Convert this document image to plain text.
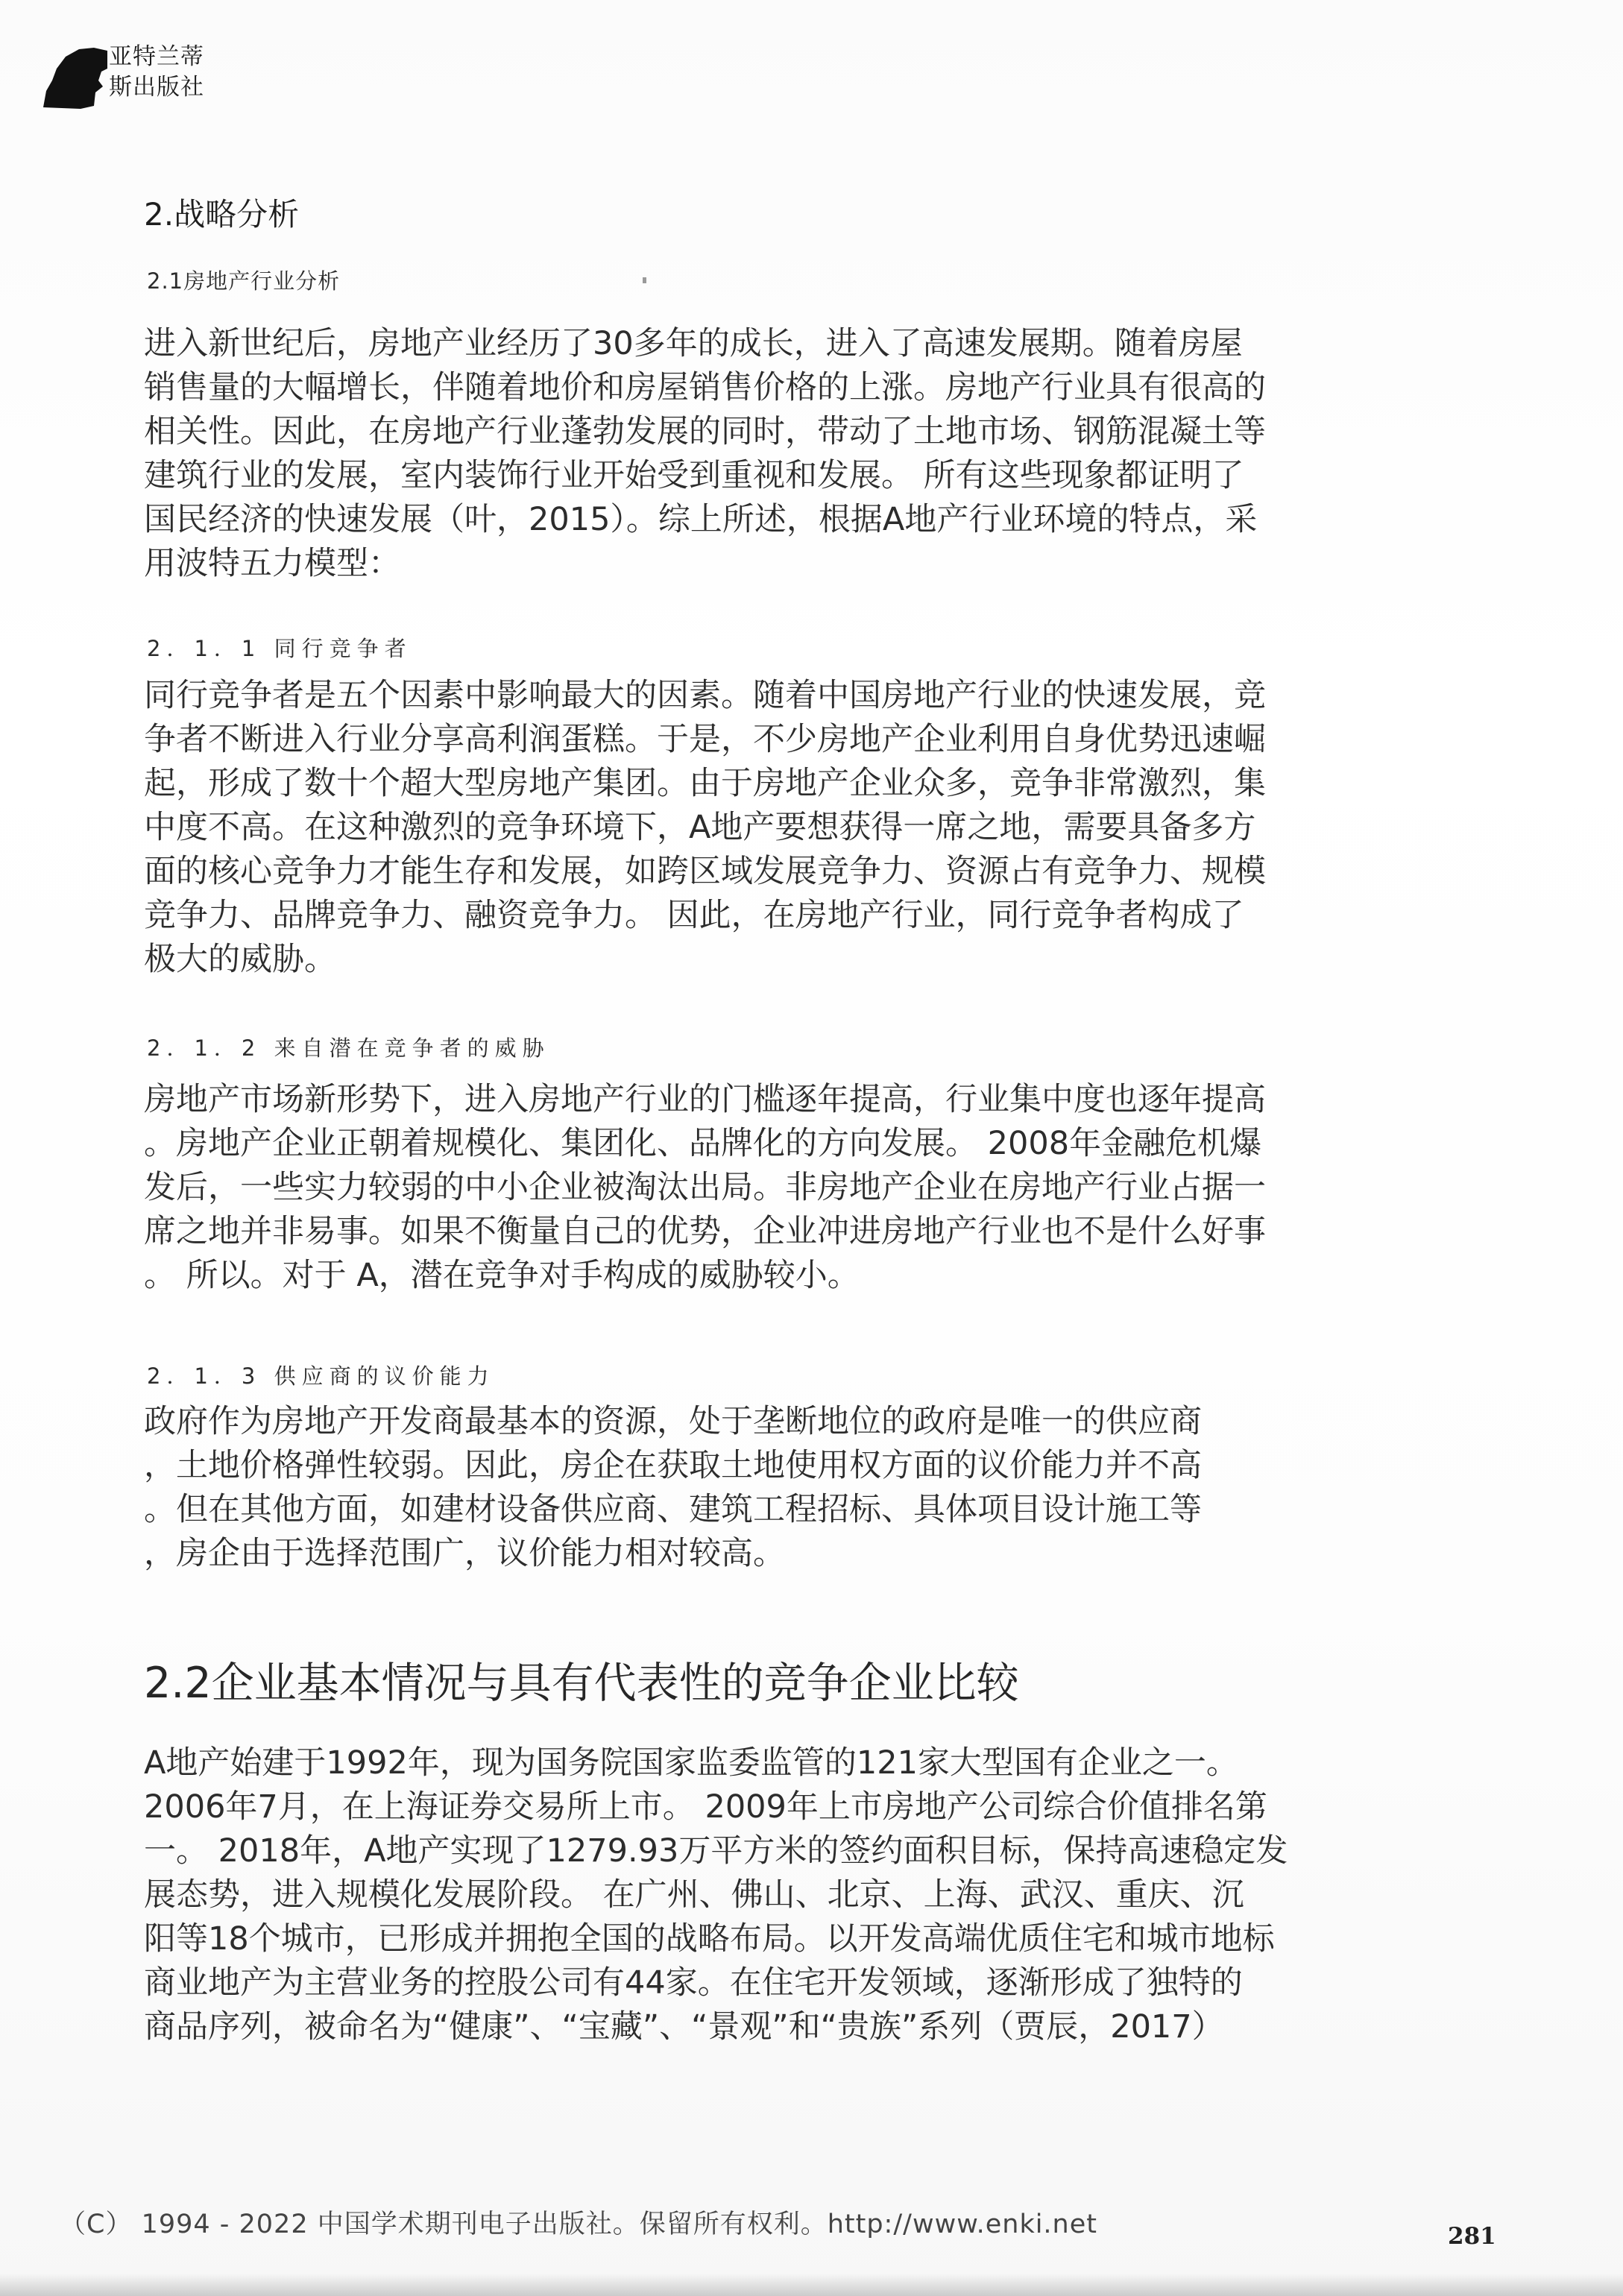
亚特兰蒂
斯出版社
2.战略分析
2.1房地产行业分析
进入新世纪后，房地产业经历了30多年的成长，进入了高速发展期。随着房屋
销售量的大幅增长，伴随着地价和房屋销售价格的上涨。房地产行业具有很高的
相关性。因此，在房地产行业蓬勃发展的同时，带动了土地市场、钢筋混凝土等
建筑行业的发展，室内装饰行业开始受到重视和发展。 所有这些现象都证明了
国民经济的快速发展（叶，2015）。综上所述，根据A地产行业环境的特点，采
用波特五力模型：
2．1．1 同行竞争者
同行竞争者是五个因素中影响最大的因素。随着中国房地产行业的快速发展，竞
争者不断进入行业分享高利润蛋糕。于是，不少房地产企业利用自身优势迅速崛
起，形成了数十个超大型房地产集团。由于房地产企业众多，竞争非常激烈，集
中度不高。在这种激烈的竞争环境下，A地产要想获得一席之地，需要具备多方
面的核心竞争力才能生存和发展，如跨区域发展竞争力、资源占有竞争力、规模
竞争力、品牌竞争力、融资竞争力。 因此，在房地产行业，同行竞争者构成了
极大的威胁。
2．1．2 来自潜在竞争者的威胁
房地产市场新形势下，进入房地产行业的门槛逐年提高，行业集中度也逐年提高
。房地产企业正朝着规模化、集团化、品牌化的方向发展。 2008年金融危机爆
发后，一些实力较弱的中小企业被淘汰出局。非房地产企业在房地产行业占据一
席之地并非易事。如果不衡量自己的优势，企业冲进房地产行业也不是什么好事
。 所以。对于 A，潜在竞争对手构成的威胁较小。
2．1．3 供应商的议价能力
政府作为房地产开发商最基本的资源，处于垄断地位的政府是唯一的供应商
，土地价格弹性较弱。因此，房企在获取土地使用权方面的议价能力并不高
。但在其他方面，如建材设备供应商、建筑工程招标、具体项目设计施工等
，房企由于选择范围广，议价能力相对较高。
2.2企业基本情况与具有代表性的竞争企业比较
A地产始建于1992年，现为国务院国家监委监管的121家大型国有企业之一。
2006年7月，在上海证券交易所上市。 2009年上市房地产公司综合价值排名第
一。 2018年，A地产实现了1279.93万平方米的签约面积目标，保持高速稳定发
展态势，进入规模化发展阶段。 在广州、佛山、北京、上海、武汉、重庆、沉
阳等18个城市，已形成并拥抱全国的战略布局。以开发高端优质住宅和城市地标
商业地产为主营业务的控股公司有44家。在住宅开发领域，逐渐形成了独特的
商品序列，被命名为“健康”、“宝藏”、“景观”和“贵族”系列（贾辰，2017）
（C） 1994 - 2022 中国学术期刊电子出版社。保留所有权利。http://www.enki.net	281
